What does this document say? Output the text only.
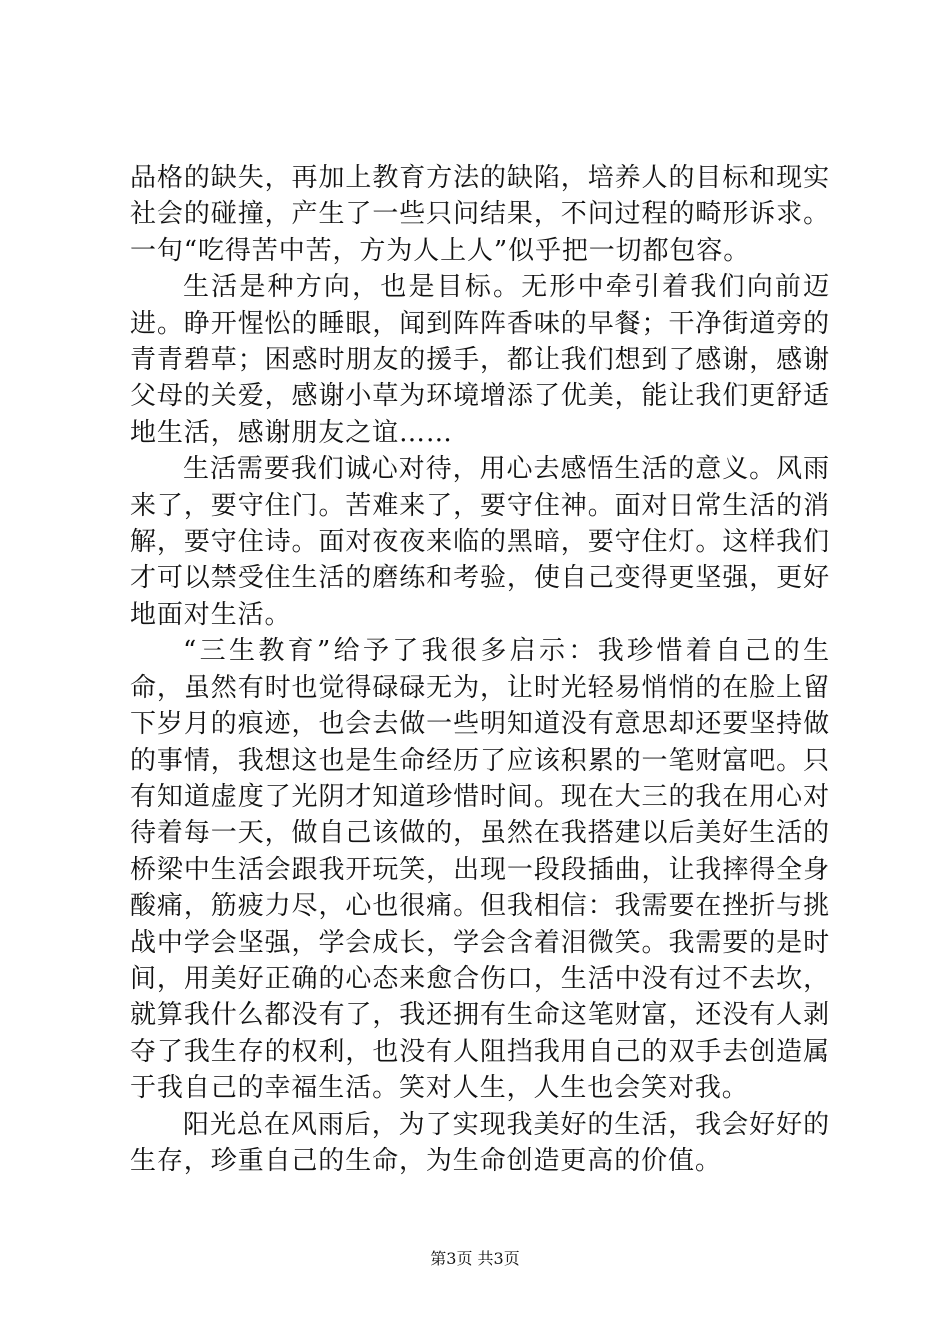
品格的缺失，再加上教育方法的缺陷，培养人的目标和现实社会的碰撞，产生了一些只问结果，不问过程的畸形诉求。一句“吃得苦中苦，方为人上人”似乎把一切都包容。

生活是种方向，也是目标。无形中牵引着我们向前迈进。睁开惺忪的睡眼，闻到阵阵香味的早餐；干净街道旁的青青碧草；困惑时朋友的援手，都让我们想到了感谢，感谢父母的关爱，感谢小草为环境增添了优美，能让我们更舒适地生活，感谢朋友之谊……

生活需要我们诚心对待，用心去感悟生活的意义。风雨来了，要守住门。苦难来了，要守住神。面对日常生活的消解，要守住诗。面对夜夜来临的黑暗，要守住灯。这样我们才可以禁受住生活的磨练和考验，使自己变得更坚强，更好地面对生活。

“三生教育”给予了我很多启示：我珍惜着自己的生命，虽然有时也觉得碌碌无为，让时光轻易悄悄的在脸上留下岁月的痕迹，也会去做一些明知道没有意思却还要坚持做的事情，我想这也是生命经历了应该积累的一笔财富吧。只有知道虚度了光阴才知道珍惜时间。现在大三的我在用心对待着每一天，做自己该做的，虽然在我搭建以后美好生活的桥梁中生活会跟我开玩笑，出现一段段插曲，让我摔得全身酸痛，筋疲力尽，心也很痛。但我相信：我需要在挫折与挑战中学会坚强，学会成长，学会含着泪微笑。我需要的是时间，用美好正确的心态来愈合伤口，生活中没有过不去坎，就算我什么都没有了，我还拥有生命这笔财富，还没有人剥夺了我生存的权利，也没有人阻挡我用自己的双手去创造属于我自己的幸福生活。笑对人生，人生也会笑对我。

阳光总在风雨后，为了实现我美好的生活，我会好好的生存，珍重自己的生命，为生命创造更高的价值。

第3页 共3页
